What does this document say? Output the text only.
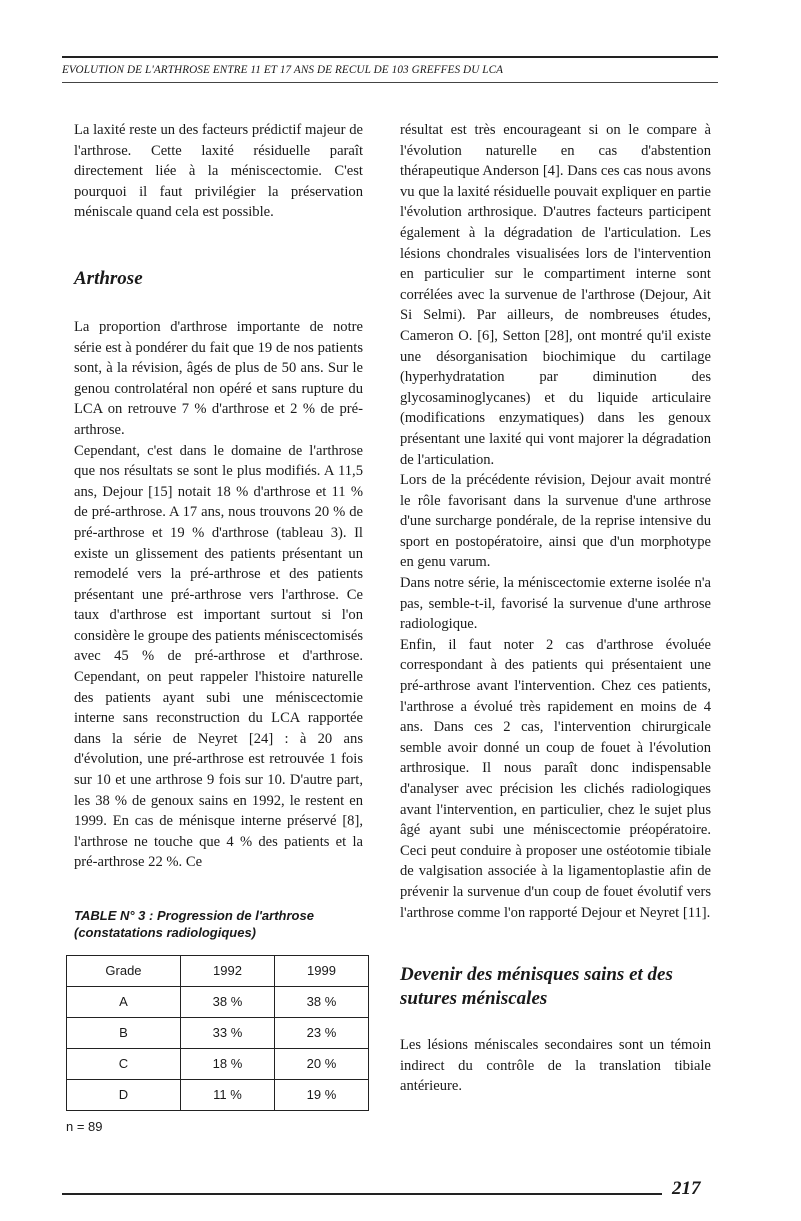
EVOLUTION DE L'ARTHROSE ENTRE 11 ET 17 ANS DE RECUL DE 103 GREFFES DU LCA

La laxité reste un des facteurs prédictif majeur de l'arthrose. Cette laxité résiduelle paraît directement liée à la méniscectomie. C'est pourquoi il faut privilégier la préservation méniscale quand cela est possible.

Arthrose

La proportion d'arthrose importante de notre série est à pondérer du fait que 19 de nos patients sont, à la révision, âgés de plus de 50 ans. Sur le genou controlatéral non opéré et sans rupture du LCA on retrouve 7 % d'arthrose et 2 % de pré-arthrose.

Cependant, c'est dans le domaine de l'arthrose que nos résultats se sont le plus modifiés. A 11,5 ans, Dejour [15] notait 18 % d'arthrose et 11 % de pré-arthrose. A 17 ans, nous trouvons 20 % de pré-arthrose et 19 % d'arthrose (tableau 3). Il existe un glissement des patients présentant un remodelé vers la pré-arthrose et des patients présentant une pré-arthrose vers l'arthrose. Ce taux d'arthrose est important surtout si l'on considère le groupe des patients méniscectomisés avec 45 % de pré-arthrose et d'arthrose. Cependant, on peut rappeler l'histoire naturelle des patients ayant subi une méniscectomie interne sans reconstruction du LCA rapportée dans la série de Neyret [24] : à 20 ans d'évolution, une pré-arthrose est retrouvée 1 fois sur 10 et une arthrose 9 fois sur 10. D'autre part, les 38 % de genoux sains en 1992, le restent en 1999. En cas de ménisque interne préservé [8], l'arthrose ne touche que 4 % des patients et la pré-arthrose 22 %. Ce

TABLE N° 3 : Progression de l'arthrose

(constatations radiologiques)

Grade	1992	1999
A	38 %	38 %
B	33 %	23 %
C	18 %	20 %
D	11 %	19 %
n = 89

résultat est très encourageant si on le compare à l'évolution naturelle en cas d'abstention thérapeutique Anderson [4]. Dans ces cas nous avons vu que la laxité résiduelle pouvait expliquer en partie l'évolution arthrosique. D'autres facteurs participent également à la dégradation de l'articulation. Les lésions chondrales visualisées lors de l'intervention en particulier sur le compartiment interne sont corrélées avec la survenue de l'arthrose (Dejour, Ait Si Selmi). Par ailleurs, de nombreuses études, Cameron O. [6], Setton [28], ont montré qu'il existe une désorganisation biochimique du cartilage (hyperhydratation par diminution des glycosaminoglycanes) et du liquide articulaire (modifications enzymatiques) dans les genoux présentant une laxité qui vont majorer la dégradation de l'articulation.

Lors de la précédente révision, Dejour avait montré le rôle favorisant dans la survenue d'une arthrose d'une surcharge pondérale, de la reprise intensive du sport en postopératoire, ainsi que d'un morphotype en genu varum.

Dans notre série, la méniscectomie externe isolée n'a pas, semble-t-il, favorisé la survenue d'une arthrose radiologique.

Enfin, il faut noter 2 cas d'arthrose évoluée correspondant à des patients qui présentaient une pré-arthrose avant l'intervention. Chez ces patients, l'arthrose a évolué très rapidement en moins de 4 ans. Dans ces 2 cas, l'intervention chirurgicale semble avoir donné un coup de fouet à l'évolution arthrosique. Il nous paraît donc indispensable d'analyser avec précision les clichés radiologiques avant l'intervention, en particulier, chez le sujet plus âgé ayant subi une méniscectomie préopératoire. Ceci peut conduire à proposer une ostéotomie tibiale de valgisation associée à la ligamentoplastie afin de prévenir la survenue d'un coup de fouet évolutif vers l'arthrose comme l'on rapporté Dejour et Neyret [11].

Devenir des ménisques sains et des sutures méniscales

Les lésions méniscales secondaires sont un témoin indirect du contrôle de la translation tibiale antérieure.

217
